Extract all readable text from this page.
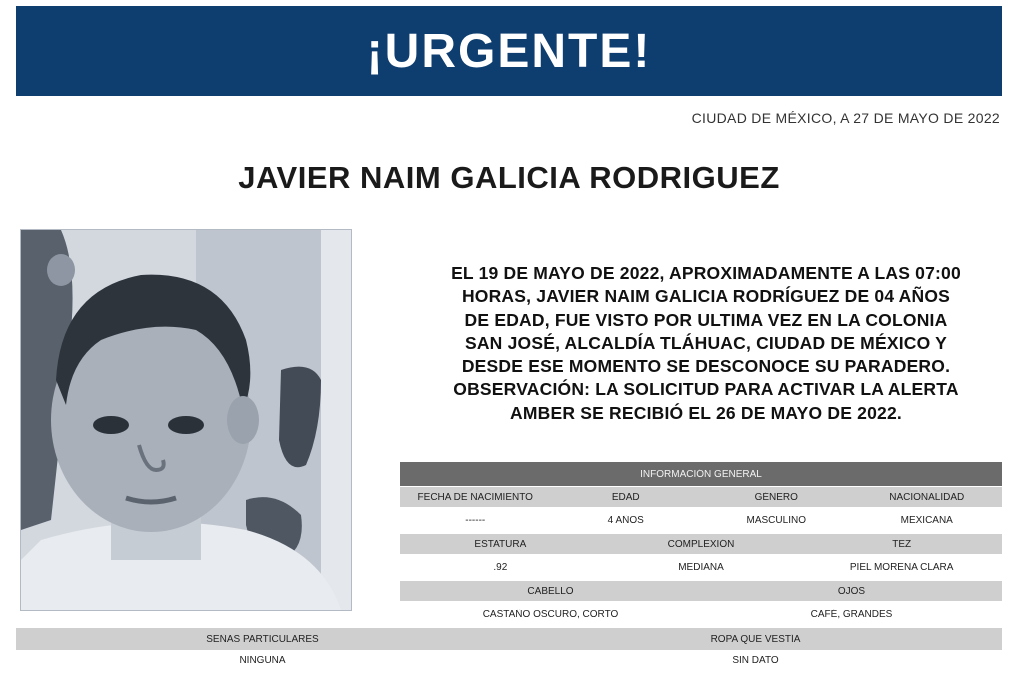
¡URGENTE!
CIUDAD DE MÉXICO, A 27 DE MAYO DE 2022
JAVIER NAIM GALICIA RODRIGUEZ

EL 19 DE MAYO DE 2022, APROXIMADAMENTE A LAS 07:00

HORAS, JAVIER NAIM GALICIA RODRÍGUEZ DE 04 AÑOS

DE EDAD, FUE VISTO POR ULTIMA VEZ EN LA COLONIA

SAN JOSÉ, ALCALDÍA TLÁHUAC, CIUDAD DE MÉXICO Y

DESDE ESE MOMENTO SE DESCONOCE SU PARADERO.

OBSERVACIÓN: LA SOLICITUD PARA ACTIVAR LA ALERTA

AMBER SE RECIBIÓ EL 26 DE MAYO DE 2022.

INFORMACIÓN GENERAL
FECHA DE NACIMIENTO	EDAD	GÉNERO	NACIONALIDAD
------	4 AÑOS	MASCULINO	MEXICANA
ESTATURA	COMPLEXIÓN	TEZ
.92	MEDIANA	PIEL MORENA CLARA
CABELLO	OJOS
CASTAÑO OSCURO, CORTO	CAFÉ, GRANDES
SEÑAS PARTICULARES	ROPA QUE VESTÍA
NINGUNA	SIN DATO
